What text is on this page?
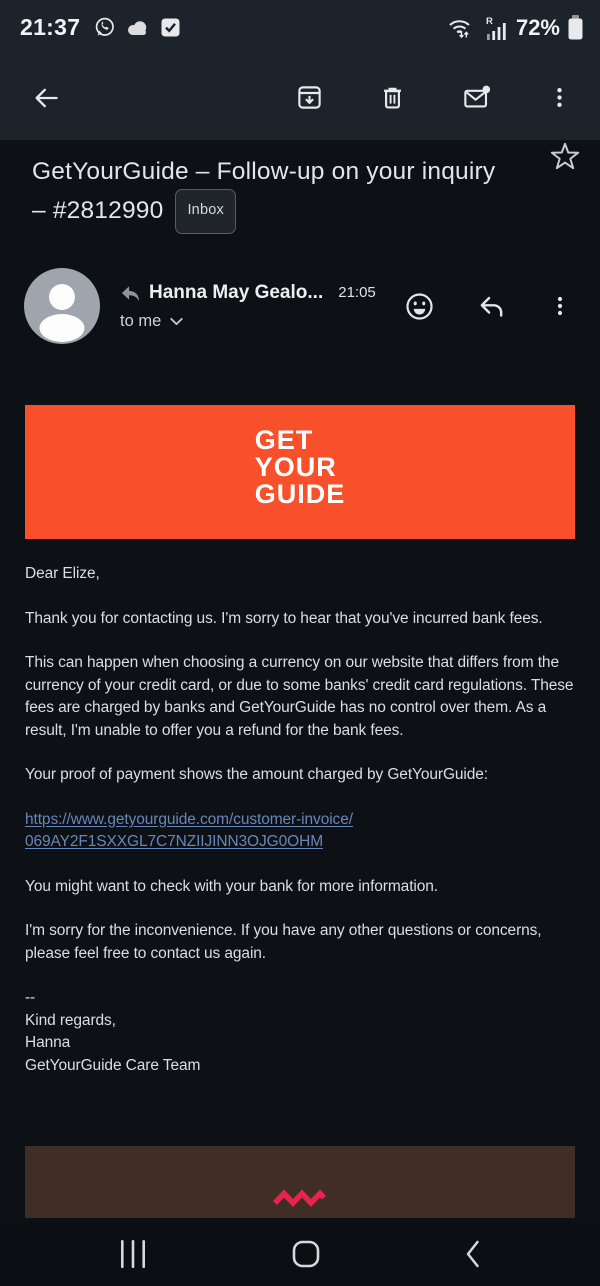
21:37	R 72%
GetYourGuide – Follow-up on your inquiry – #2812990 Inbox
Hanna May Gealo... 21:05
to me
GET
YOUR
GUIDE

Dear Elize,

Thank you for contacting us. I'm sorry to hear that you've incurred bank fees.

This can happen when choosing a currency on our website that differs from the currency of your credit card, or due to some banks' credit card regulations. These fees are charged by banks and GetYourGuide has no control over them. As a result, I'm unable to offer you a refund for the bank fees.

Your proof of payment shows the amount charged by GetYourGuide:

https://www.getyourguide.com/customer-invoice/
069AY2F1SXXGL7C7NZIIJINN3OJG0OHM

You might want to check with your bank for more information.

I'm sorry for the inconvenience. If you have any other questions or concerns, please feel free to contact us again.

--
Kind regards,
Hanna
GetYourGuide Care Team
